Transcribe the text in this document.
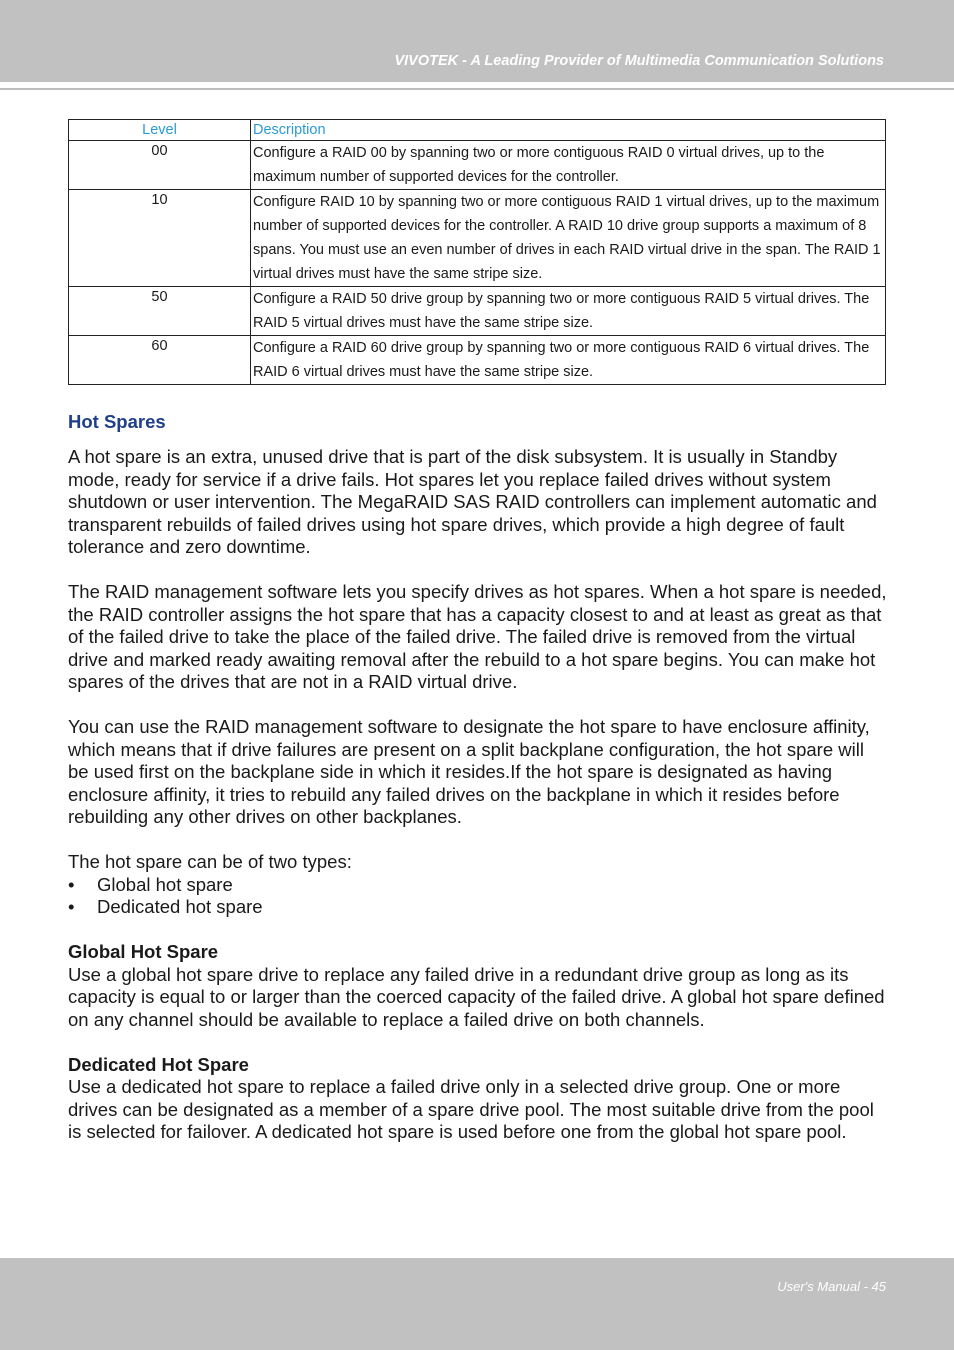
VIVOTEK - A Leading Provider of Multimedia Communication Solutions
Level	Description
00	Configure a RAID 00 by spanning two or more contiguous RAID 0 virtual drives, up to the maximum number of supported devices for the controller.
10	Configure RAID 10 by spanning two or more contiguous RAID 1 virtual drives, up to the maximum number of supported devices for the controller. A RAID 10 drive group supports a maximum of 8 spans. You must use an even number of drives in each RAID virtual drive in the span. The RAID 1 virtual drives must have the same stripe size.
50	Configure a RAID 50 drive group by spanning two or more contiguous RAID 5 virtual drives. The RAID 5 virtual drives must have the same stripe size.
60	Configure a RAID 60 drive group by spanning two or more contiguous RAID 6 virtual drives. The RAID 6 virtual drives must have the same stripe size.
Hot Spares

A hot spare is an extra, unused drive that is part of the disk subsystem. It is usually in Standby mode, ready for service if a drive fails. Hot spares let you replace failed drives without system shutdown or user intervention. The MegaRAID SAS RAID controllers can implement automatic and transparent rebuilds of failed drives using hot spare drives, which provide a high degree of fault tolerance and zero downtime.

The RAID management software lets you specify drives as hot spares. When a hot spare is needed, the RAID controller assigns the hot spare that has a capacity closest to and at least as great as that of the failed drive to take the place of the failed drive. The failed drive is removed from the virtual drive and marked ready awaiting removal after the rebuild to a hot spare begins. You can make hot spares of the drives that are not in a RAID virtual drive.

You can use the RAID management software to designate the hot spare to have enclosure affinity, which means that if drive failures are present on a split backplane configuration, the hot spare will be used first on the backplane side in which it resides.If the hot spare is designated as having enclosure affinity, it tries to rebuild any failed drives on the backplane in which it resides before rebuilding any other drives on other backplanes.

The hot spare can be of two types:

• Global hot spare
• Dedicated hot spare
Global Hot Spare

Use a global hot spare drive to replace any failed drive in a redundant drive group as long as its capacity is equal to or larger than the coerced capacity of the failed drive. A global hot spare defined on any channel should be available to replace a failed drive on both channels.

Dedicated Hot Spare

Use a dedicated hot spare to replace a failed drive only in a selected drive group. One or more drives can be designated as a member of a spare drive pool. The most suitable drive from the pool is selected for failover. A dedicated hot spare is used before one from the global hot spare pool.

User's Manual - 45
